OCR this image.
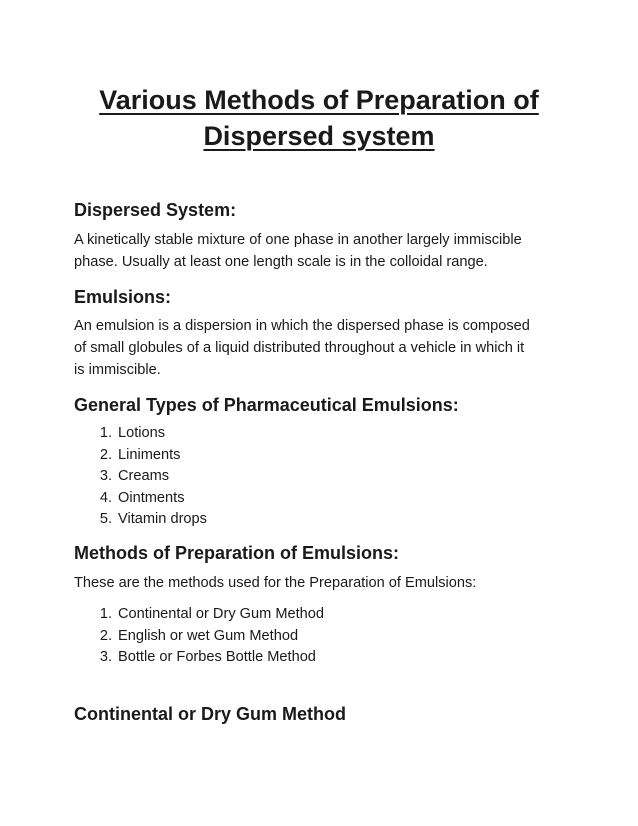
Various Methods of Preparation of
Dispersed system
Dispersed System:

A kinetically stable mixture of one phase in another largely immiscible

phase. Usually at least one length scale is in the colloidal range.

Emulsions:

An emulsion is a dispersion in which the dispersed phase is composed

of small globules of a liquid distributed throughout a vehicle in which it

is immiscible.

General Types of Pharmaceutical Emulsions:
1. Lotions
2. Liniments
3. Creams
4. Ointments
5. Vitamin drops
Methods of Preparation of Emulsions:

These are the methods used for the Preparation of Emulsions:

1. Continental or Dry Gum Method
2. English or wet Gum Method
3. Bottle or Forbes Bottle Method
Continental or Dry Gum Method
